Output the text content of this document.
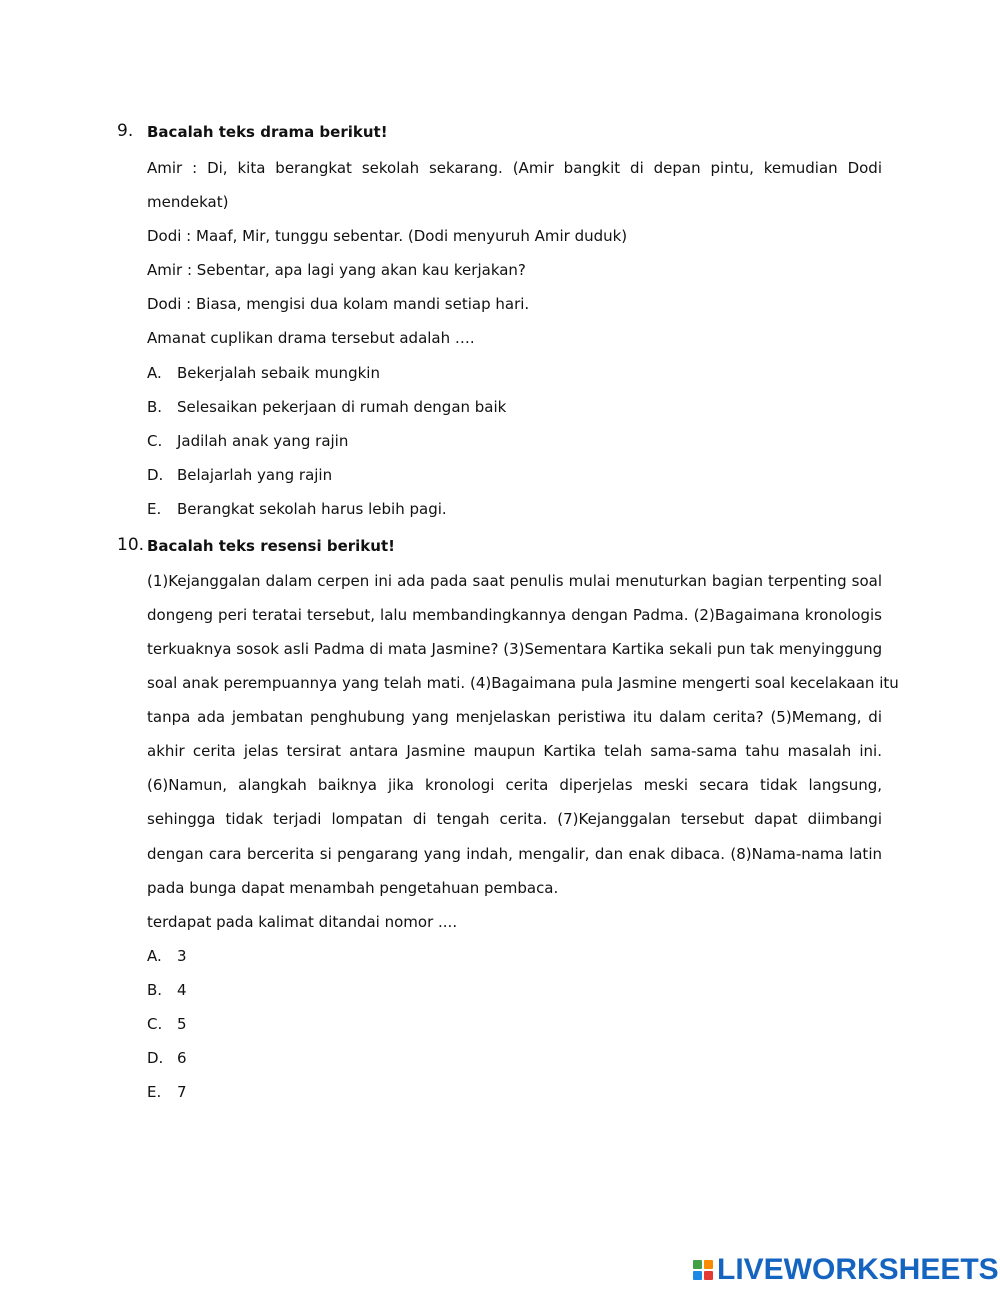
9. Bacalah teks drama berikut!
Amir : Di, kita berangkat sekolah sekarang. (Amir bangkit di depan pintu, kemudian Dodi
mendekat)
Dodi : Maaf, Mir, tunggu sebentar. (Dodi menyuruh Amir duduk)
Amir : Sebentar, apa lagi yang akan kau kerjakan?
Dodi : Biasa, mengisi dua kolam mandi setiap hari.
Amanat cuplikan drama tersebut adalah ….
A. Bekerjalah sebaik mungkin
B. Selesaikan pekerjaan di rumah dengan baik
C. Jadilah anak yang rajin
D. Belajarlah yang rajin
E. Berangkat sekolah harus lebih pagi.
10. Bacalah teks resensi berikut!
(1)Kejanggalan dalam cerpen ini ada pada saat penulis mulai menuturkan bagian terpenting soal
dongeng peri teratai tersebut, lalu membandingkannya dengan Padma. (2)Bagaimana kronologis
terkuaknya sosok asli Padma di mata Jasmine? (3)Sementara Kartika sekali pun tak menyinggung
soal anak perempuannya yang telah mati. (4)Bagaimana pula Jasmine mengerti soal kecelakaan itu
tanpa ada jembatan penghubung yang menjelaskan peristiwa itu dalam cerita? (5)Memang, di
akhir cerita jelas tersirat antara Jasmine maupun Kartika telah sama-sama tahu masalah ini.
(6)Namun, alangkah baiknya jika kronologi cerita diperjelas meski secara tidak langsung,
sehingga tidak terjadi lompatan di tengah cerita. (7)Kejanggalan tersebut dapat diimbangi
dengan cara bercerita si pengarang yang indah, mengalir, dan enak dibaca. (8)Nama-nama latin
pada bunga dapat menambah pengetahuan pembaca.
terdapat pada kalimat ditandai nomor ....
A. 3
B. 4
C. 5
D. 6
E. 7
LIVEWORKSHEETS
